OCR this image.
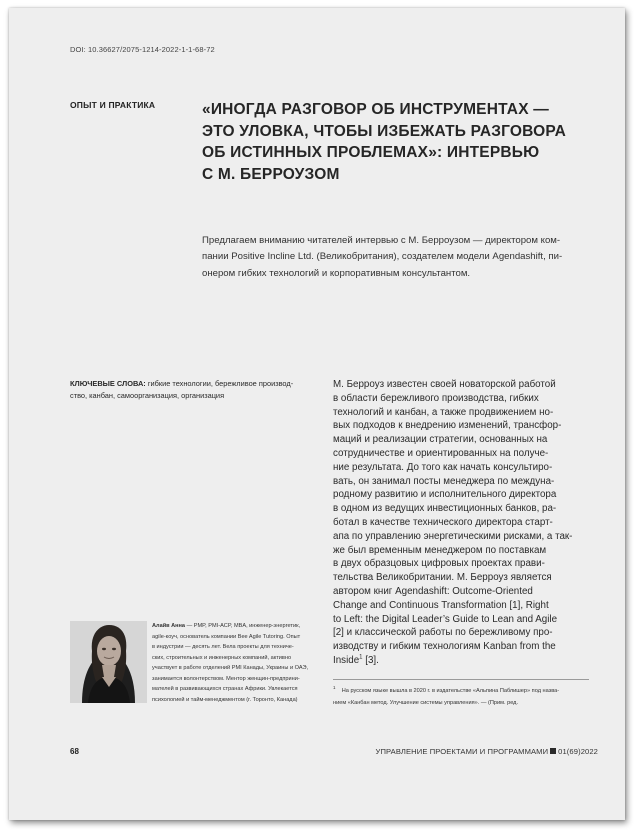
DOI: 10.36627/2075-1214-2022-1-1-68-72
ОПЫТ И ПРАКТИКА	«ИНОГДА РАЗГОВОР ОБ ИНСТРУМЕНТАХ —
ЭТО УЛОВКА, ЧТОБЫ ИЗБЕЖАТЬ РАЗГОВОРА
ОБ ИСТИННЫХ ПРОБЛЕМАХ»: ИНТЕРВЬЮ
С М. БЕРРОУЗОМ
Предлагаем вниманию читателей интервью с М. Берроузом — директором ком-
пании Positive Incline Ltd. (Великобритания), создателем модели Agendashift, пи-
онером гибких технологий и корпоративным консультантом.
КЛЮЧЕВЫЕ СЛОВА: гибкие технологии, бережливое производ-
ство, канбан, самоорганизация, организация
М. Берроуз известен своей новаторской работой
в области бережливого производства, гибких
технологий и канбан, а также продвижением но-
вых подходов к внедрению изменений, трансфор-
маций и реализации стратегии, основанных на
сотрудничестве и ориентированных на получе-
ние результата. До того как начать консультиро-
вать, он занимал посты менеджера по междуна-
родному развитию и исполнительного директора
в одном из ведущих инвестиционных банков, ра-
ботал в качестве технического директора старт-
апа по управлению энергетическими рисками, а так-
же был временным менеджером по поставкам
в двух образцовых цифровых проектах прави-
тельства Великобритании. М. Берроуз является
автором книг Agendashift: Outcome-Oriented
Change and Continuous Transformation [1], Right
to Left: the Digital Leader’s Guide to Lean and Agile
[2] и классической работы по бережливому про-
изводству и гибким технологиям Kanban from the
Inside$^1$ [3].
Алайв Анна — PMP, PMI-ACP, MBA, инженер-энергетик,
agile-коуч, основатель компании Bee Agile Tutoring. Опыт
в индустрии — десять лет. Вела проекты для техниче-
ских, строительных и инженерных компаний, активно
участвует в работе отделений PMI Канады, Украины и ОАЭ,
занимается волонтерством. Ментор женщин-предприни-
мателей в развивающихся странах Африки. Увлекается
психологией и тайм-менеджментом (г. Торонто, Канада)
$^1$    На русском языке вышла в 2020 г. в издательстве «Альпина Паблишер» под назва-
нием «Канбан метод. Улучшение системы управления». — (Прим. ред.
68	УПРАВЛЕНИЕ ПРОЕКТАМИ И ПРОГРАММАМИ 01(69)2022
